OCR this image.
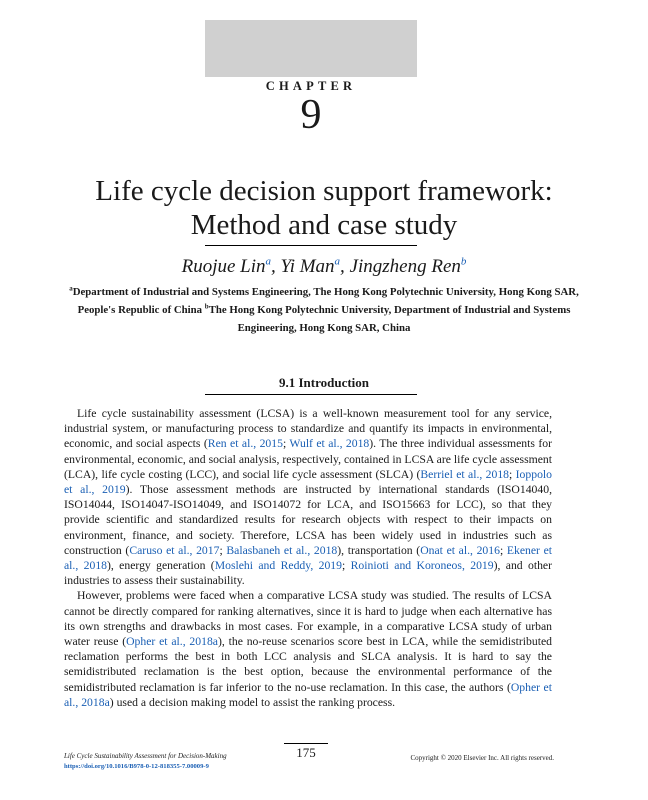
CHAPTER
9
Life cycle decision support framework:
Method and case study
Ruojue Lin$^a$, Yi Man$^a$, Jingzheng Ren$^b$
$^a$Department of Industrial and Systems Engineering, The Hong Kong Polytechnic University, Hong Kong SAR, People's Republic of China $^b$The Hong Kong Polytechnic University, Department of Industrial and Systems Engineering, Hong Kong SAR, China
9.1 Introduction

Life cycle sustainability assessment (LCSA) is a well-known measurement tool for any service, industrial system, or manufacturing process to standardize and quantify its impacts in environmental, economic, and social aspects (Ren et al., 2015; Wulf et al., 2018). The three individual assessments for environmental, economic, and social analysis, respectively, contained in LCSA are life cycle assessment (LCA), life cycle costing (LCC), and social life cycle assessment (SLCA) (Berriel et al., 2018; Ioppolo et al., 2019). Those assessment methods are instructed by international standards (ISO14040, ISO14044, ISO14047-ISO14049, and ISO14072 for LCA, and ISO15663 for LCC), so that they provide scientific and standardized results for research objects with respect to their impacts on environment, finance, and society. Therefore, LCSA has been widely used in industries such as construction (Caruso et al., 2017; Balasbaneh et al., 2018), transportation (Onat et al., 2016; Ekener et al., 2018), energy generation (Moslehi and Reddy, 2019; Roinioti and Koroneos, 2019), and other industries to assess their sustainability.

However, problems were faced when a comparative LCSA study was studied. The results of LCSA cannot be directly compared for ranking alternatives, since it is hard to judge when each alternative has its own strengths and drawbacks in most cases. For example, in a comparative LCSA study of urban water reuse (Opher et al., 2018a), the no-reuse scenarios score best in LCA, while the semidistributed reclamation performs the best in both LCC analysis and SLCA analysis. It is hard to say the semidistributed reclamation is the best option, because the environmental performance of the semidistributed reclamation is far inferior to the no-use reclamation. In this case, the authors (Opher et al., 2018a) used a decision making model to assist the ranking process.

Life Cycle Sustainability Assessment for Decision-Making
https://doi.org/10.1016/B978-0-12-818355-7.00009-9
175	Copyright © 2020 Elsevier Inc. All rights reserved.
